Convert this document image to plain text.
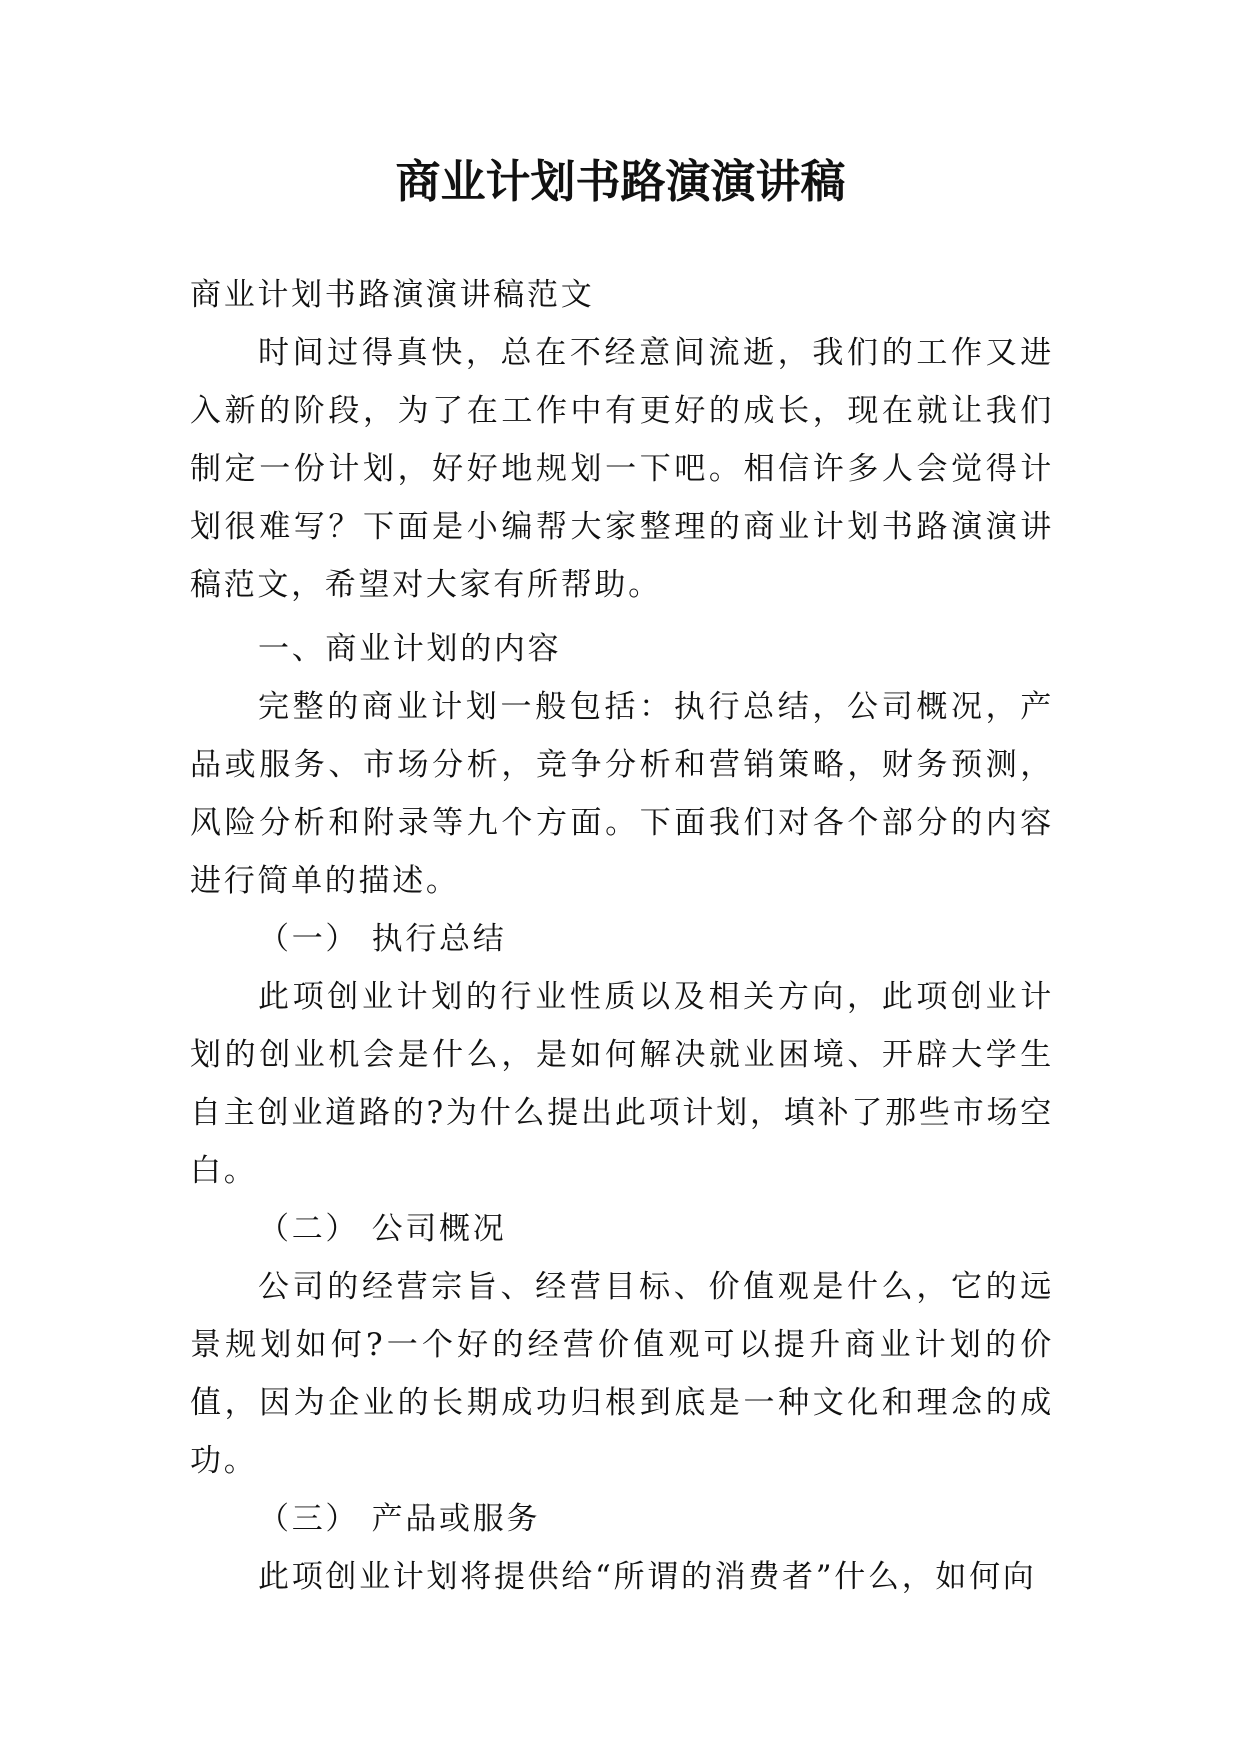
商业计划书路演演讲稿

商业计划书路演演讲稿范文

时间过得真快，总在不经意间流逝，我们的工作又进入新的阶段，为了在工作中有更好的成长，现在就让我们制定一份计划，好好地规划一下吧。相信许多人会觉得计划很难写？下面是小编帮大家整理的商业计划书路演演讲稿范文，希望对大家有所帮助。

一、商业计划的内容

完整的商业计划一般包括：执行总结，公司概况，产品或服务、市场分析，竞争分析和营销策略，财务预测，风险分析和附录等九个方面。下面我们对各个部分的内容进行简单的描述。

（一） 执行总结

此项创业计划的行业性质以及相关方向，此项创业计划的创业机会是什么，是如何解决就业困境、开辟大学生自主创业道路的?为什么提出此项计划，填补了那些市场空白。

（二） 公司概况

公司的经营宗旨、经营目标、价值观是什么，它的远景规划如何?一个好的经营价值观可以提升商业计划的价值，因为企业的长期成功归根到底是一种文化和理念的成功。

（三） 产品或服务

此项创业计划将提供给“所谓的消费者”什么，如何向
